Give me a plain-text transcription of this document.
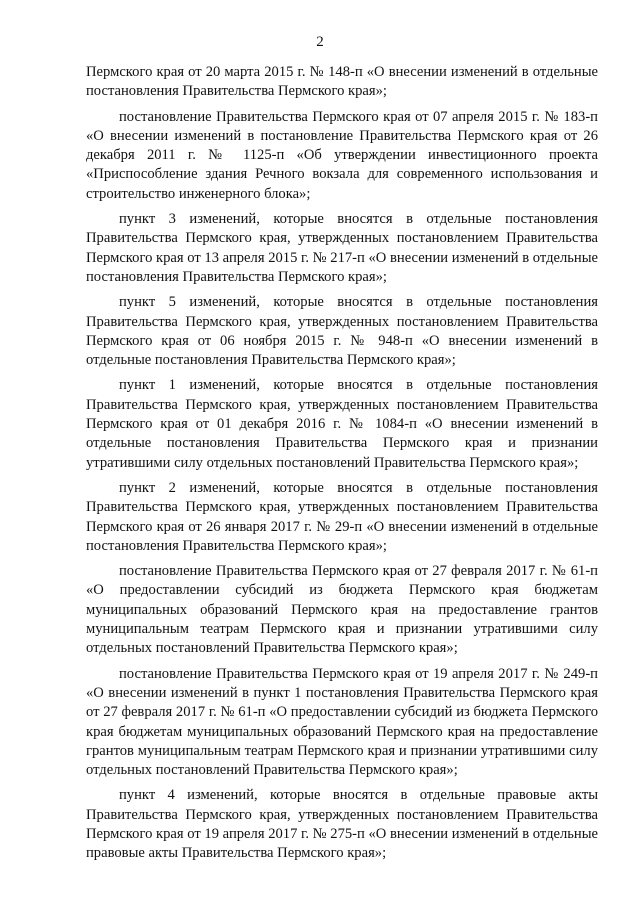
2

Пермского края от 20 марта 2015 г. № 148-п «О внесении изменений в отдельные постановления Правительства Пермского края»;

постановление Правительства Пермского края от 07 апреля 2015 г. № 183-п «О внесении изменений в постановление Правительства Пермского края от 26 декабря 2011 г. № 1125-п «Об утверждении инвестиционного проекта «Приспособление здания Речного вокзала для современного использования и строительство инженерного блока»;

пункт 3 изменений, которые вносятся в отдельные постановления Правительства Пермского края, утвержденных постановлением Правительства Пермского края от 13 апреля 2015 г. № 217-п «О внесении изменений в отдельные постановления Правительства Пермского края»;

пункт 5 изменений, которые вносятся в отдельные постановления Правительства Пермского края, утвержденных постановлением Правительства Пермского края от 06 ноября 2015 г. № 948-п «О внесении изменений в отдельные постановления Правительства Пермского края»;

пункт 1 изменений, которые вносятся в отдельные постановления Правительства Пермского края, утвержденных постановлением Правительства Пермского края от 01 декабря 2016 г. № 1084-п «О внесении изменений в отдельные постановления Правительства Пермского края и признании утратившими силу отдельных постановлений Правительства Пермского края»;

пункт 2 изменений, которые вносятся в отдельные постановления Правительства Пермского края, утвержденных постановлением Правительства Пермского края от 26 января 2017 г. № 29-п «О внесении изменений в отдельные постановления Правительства Пермского края»;

постановление Правительства Пермского края от 27 февраля 2017 г. № 61-п «О предоставлении субсидий из бюджета Пермского края бюджетам муниципальных образований Пермского края на предоставление грантов муниципальным театрам Пермского края и признании утратившими силу отдельных постановлений Правительства Пермского края»;

постановление Правительства Пермского края от 19 апреля 2017 г. № 249-п «О внесении изменений в пункт 1 постановления Правительства Пермского края от 27 февраля 2017 г. № 61-п «О предоставлении субсидий из бюджета Пермского края бюджетам муниципальных образований Пермского края на предоставление грантов муниципальным театрам Пермского края и признании утратившими силу отдельных постановлений Правительства Пермского края»;

пункт 4 изменений, которые вносятся в отдельные правовые акты Правительства Пермского края, утвержденных постановлением Правительства Пермского края от 19 апреля 2017 г. № 275-п «О внесении изменений в отдельные правовые акты Правительства Пермского края»;
